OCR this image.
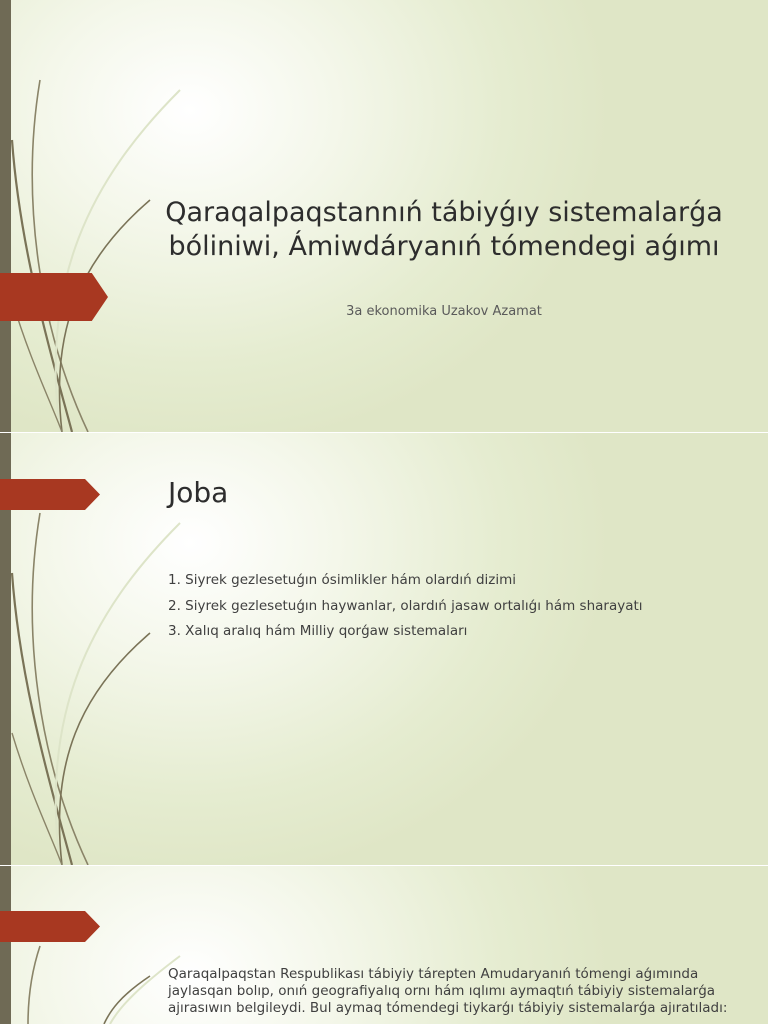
Qaraqalpaqstannıń tábiyǵıy sistemalarǵa bóliniwi, Ámiwdáryanıń tómendegi aǵımı
3a ekonomika Uzakov Azamat
Joba
1. Siyrek gezlesetuǵın ósimlikler hám olardıń dizimi
2. Siyrek gezlesetuǵın haywanlar, olardıń jasaw ortalıǵı hám sharayatı
3. Xalıq aralıq hám Milliy qorǵaw sistemaları

Qaraqalpaqstan Respublikası tábiyiy tárepten Amudaryanıń tómengi aǵımında jaylasqan bolıp, onıń geografiyalıq ornı hám ıqlımı aymaqtıń tábiyiy sistemalarǵa ajırasıwın belgileydi. Bul aymaq tómendegi tiykarǵı tábiyiy sistemalarǵa ajıratıladı:
